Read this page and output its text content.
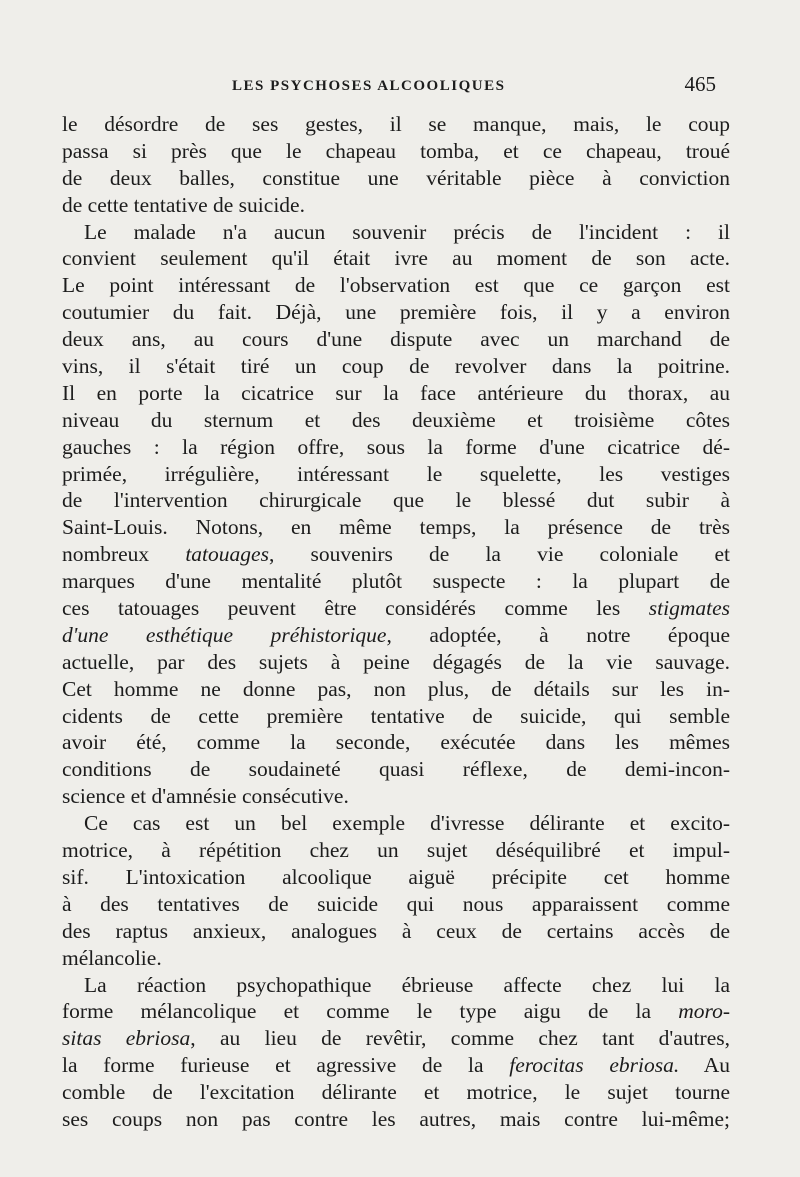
LES PSYCHOSES ALCOOLIQUES	465
le désordre de ses gestes, il se manque, mais, le coup
passa si près que le chapeau tomba, et ce chapeau, troué
de deux balles, constitue une véritable pièce à conviction
de cette tentative de suicide.
Le malade n'a aucun souvenir précis de l'incident : il
convient seulement qu'il était ivre au moment de son acte.
Le point intéressant de l'observation est que ce garçon est
coutumier du fait. Déjà, une première fois, il y a environ
deux ans, au cours d'une dispute avec un marchand de
vins, il s'était tiré un coup de revolver dans la poitrine.
Il en porte la cicatrice sur la face antérieure du thorax, au
niveau du sternum et des deuxième et troisième côtes
gauches : la région offre, sous la forme d'une cicatrice dé-
primée, irrégulière, intéressant le squelette, les vestiges
de l'intervention chirurgicale que le blessé dut subir à
Saint-Louis. Notons, en même temps, la présence de très
nombreux tatouages, souvenirs de la vie coloniale et
marques d'une mentalité plutôt suspecte : la plupart de
ces tatouages peuvent être considérés comme les stigmates
d'une esthétique préhistorique, adoptée, à notre époque
actuelle, par des sujets à peine dégagés de la vie sauvage.
Cet homme ne donne pas, non plus, de détails sur les in-
cidents de cette première tentative de suicide, qui semble
avoir été, comme la seconde, exécutée dans les mêmes
conditions de soudaineté quasi réflexe, de demi-incon-
science et d'amnésie consécutive.
Ce cas est un bel exemple d'ivresse délirante et excito-
motrice, à répétition chez un sujet déséquilibré et impul-
sif. L'intoxication alcoolique aiguë précipite cet homme
à des tentatives de suicide qui nous apparaissent comme
des raptus anxieux, analogues à ceux de certains accès de
mélancolie.
La réaction psychopathique ébrieuse affecte chez lui la
forme mélancolique et comme le type aigu de la moro-
sitas ebriosa, au lieu de revêtir, comme chez tant d'autres,
la forme furieuse et agressive de la ferocitas ebriosa. Au
comble de l'excitation délirante et motrice, le sujet tourne
ses coups non pas contre les autres, mais contre lui-même;
